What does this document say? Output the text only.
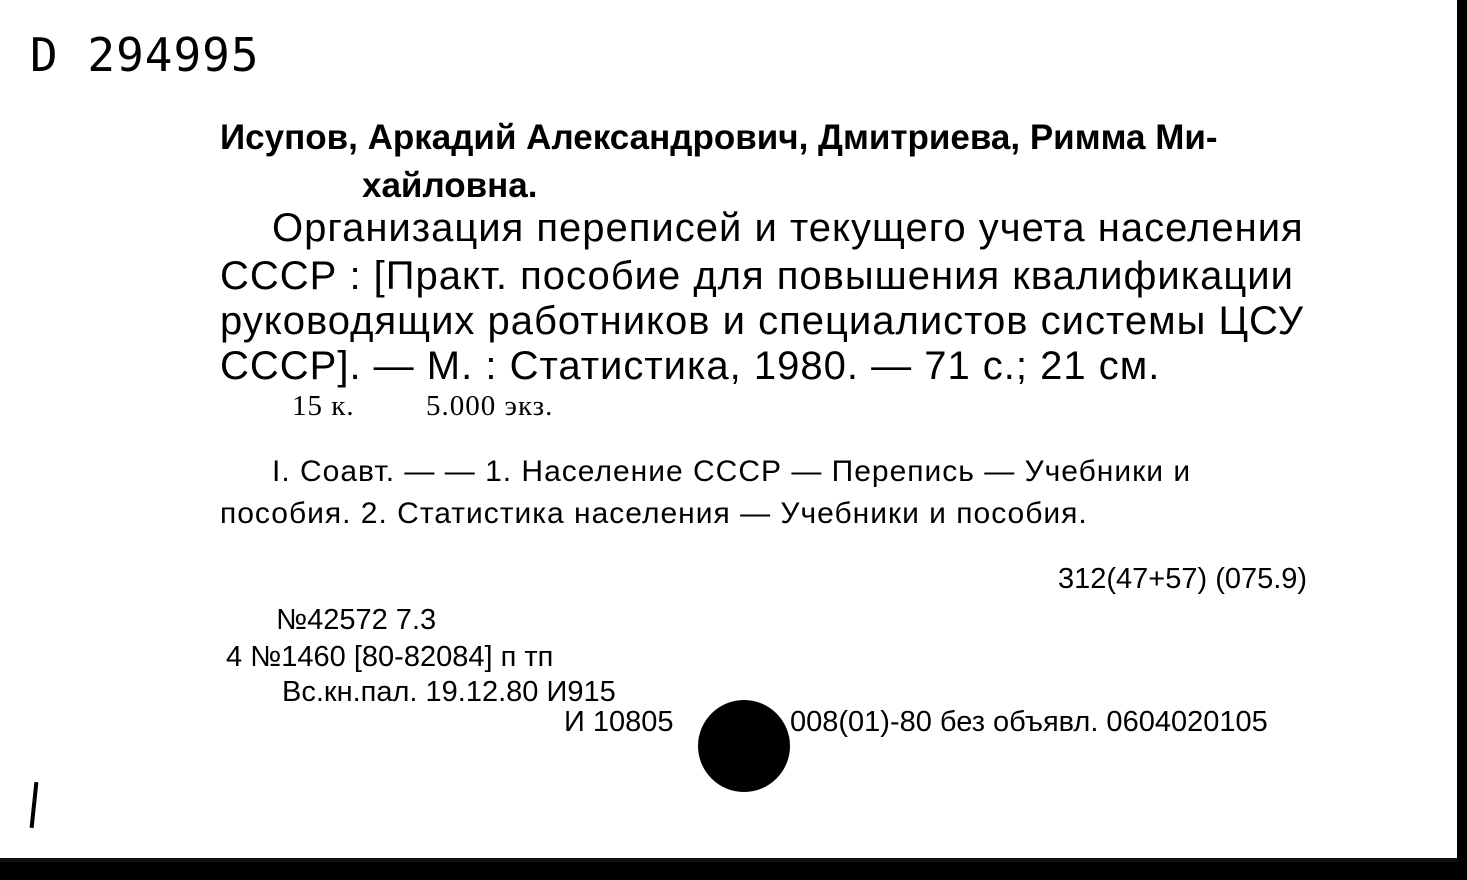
D 294995
Исупов, Аркадий Александрович, Дмитриева, Римма Ми-
хайловна.
Организация переписей и текущего учета населения
СССР : [Практ. пособие для повышения квалификации
руководящих работников и специалистов системы ЦСУ
СССР]. — М. : Статистика, 1980. — 71 с.; 21 см.
15 к. 5.000 экз.
I. Соавт. — — 1. Население СССР — Перепись — Учебники и
пособия. 2. Статистика населения — Учебники и пособия.
312(47+57) (075.9)
№42572 7.3
4 №1460 [80-82084] п тп
Вс.кн.пал. 19.12.80 И915
И 10805	008(01)-80 без объявл. 0604020105
